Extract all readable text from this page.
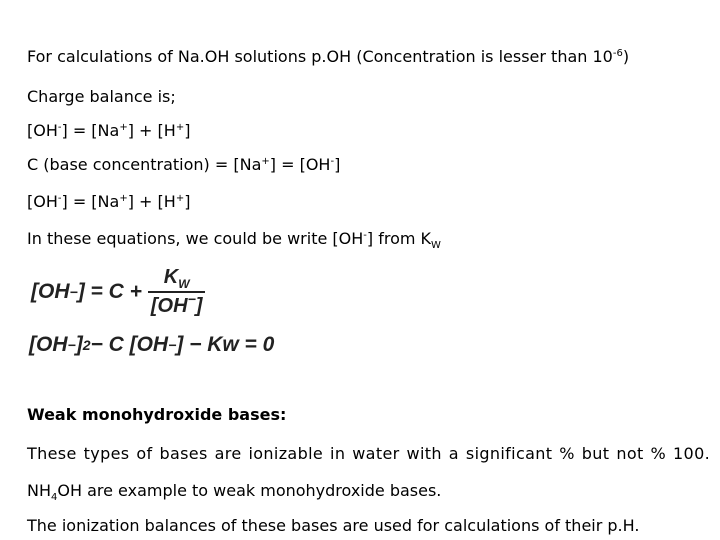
For calculations of Na.OH solutions p.OH (Concentration is lesser than $10^{-6}$)
Charge balance is;
[OH-] = [Na+] + [H+]
C (base concentration) = [Na+] = [OH-]
[OH-] = [Na+] + [H+]
In these equations, we could be write [OH-] from $K_W$
[OH − ] = $C + \frac{K_W}{[OH^-]}$
[OH − ] 2 − C [OH − ] − Kw = 0
Weak monohydroxide bases:
These types of bases are ionizable in water with a significant % but not % 100.
$NH_4OH$ are example to weak monohydroxide bases.
The ionization balances of these bases are used for calculations of their p.H.
